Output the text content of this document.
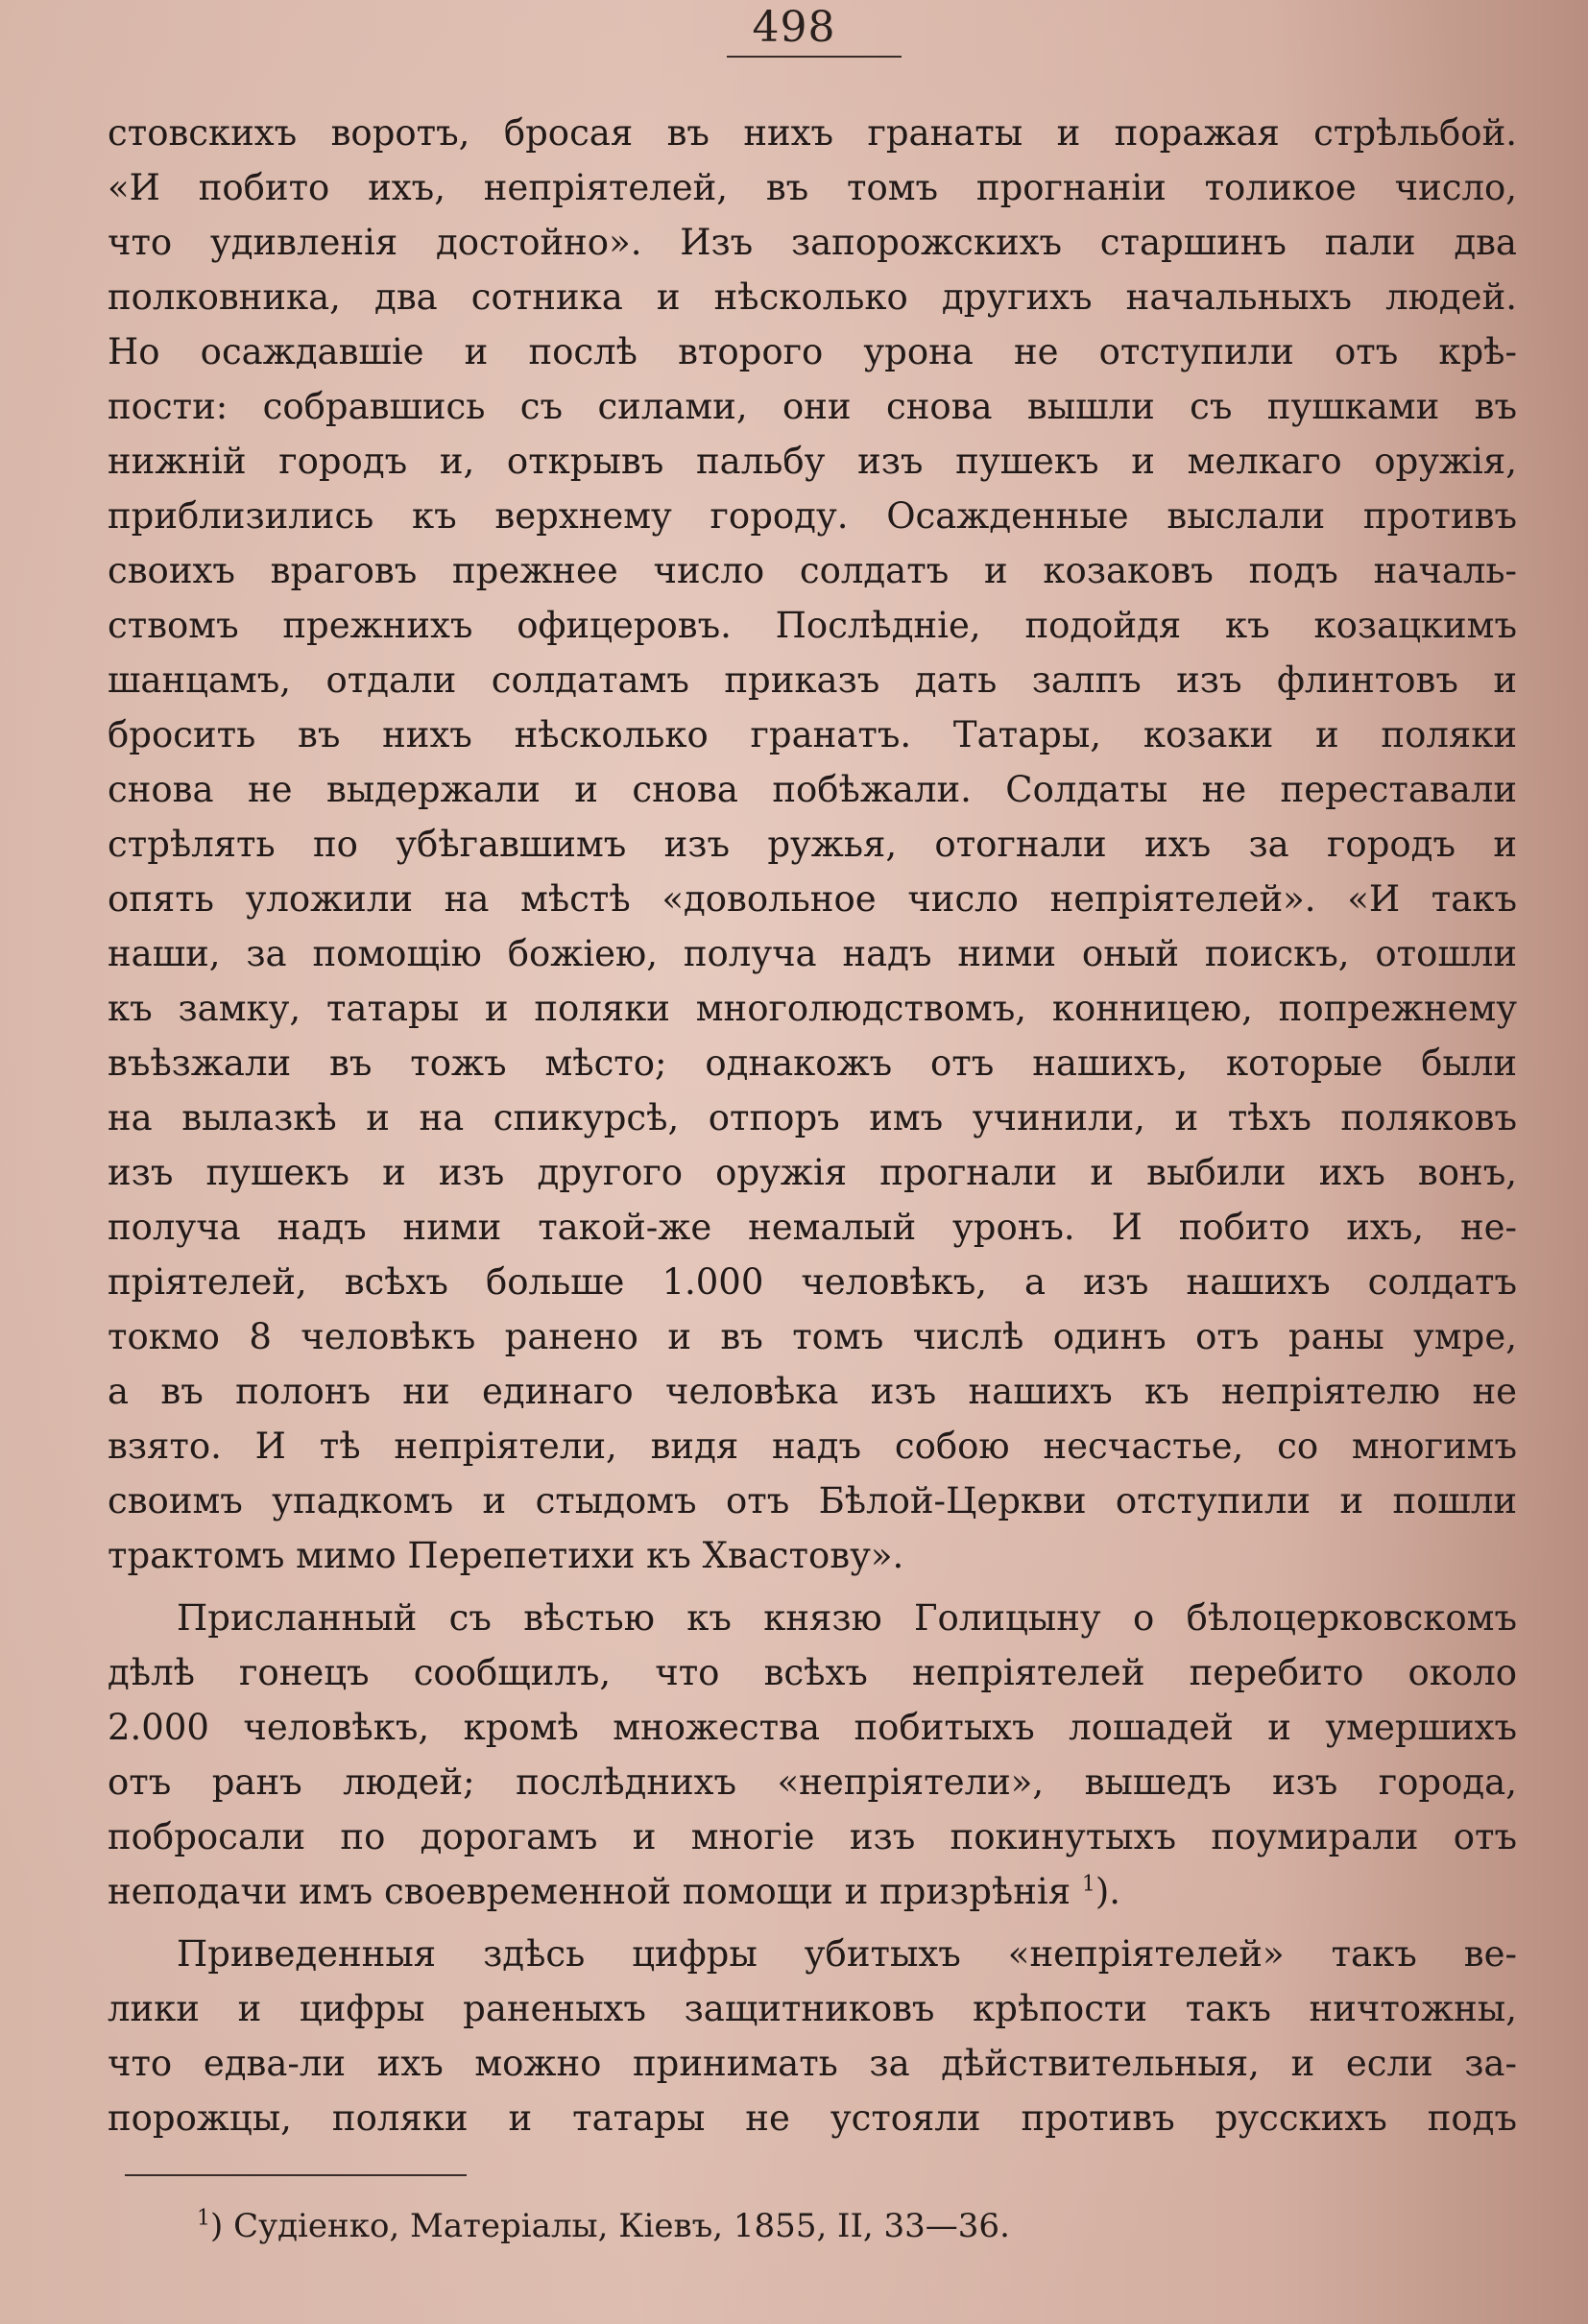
498
стовскихъ воротъ, бросая въ нихъ гранаты и поражая стрѣльбой.
«И побито ихъ, непріятелей, въ томъ прогнаніи толикое число,
что удивленія достойно». Изъ запорожскихъ старшинъ пали два
полковника, два сотника и нѣсколько другихъ начальныхъ людей.
Но осаждавшіе и послѣ второго урона не отступили отъ крѣ-
пости: собравшись съ силами, они снова вышли съ пушками въ
нижній городъ и, открывъ пальбу изъ пушекъ и мелкаго оружія,
приблизились къ верхнему городу. Осажденные выслали противъ
своихъ враговъ прежнее число солдатъ и козаковъ подъ началь-
ствомъ прежнихъ офицеровъ. Послѣдніе, подойдя къ козацкимъ
шанцамъ, отдали солдатамъ приказъ дать залпъ изъ флинтовъ и
бросить въ нихъ нѣсколько гранатъ. Татары, козаки и поляки
снова не выдержали и снова побѣжали. Солдаты не переставали
стрѣлять по убѣгавшимъ изъ ружья, отогнали ихъ за городъ и
опять уложили на мѣстѣ «довольное число непріятелей». «И такъ
наши, за помощію божіею, получа надъ ними оный поискъ, отошли
къ замку, татары и поляки многолюдствомъ, конницею, попрежнему
въѣзжали въ тожъ мѣсто; однакожъ отъ нашихъ, которые были
на вылазкѣ и на спикурсѣ, отпоръ имъ учинили, и тѣхъ поляковъ
изъ пушекъ и изъ другого оружія прогнали и выбили ихъ вонъ,
получа надъ ними такой-же немалый уронъ. И побито ихъ, не-
пріятелей, всѣхъ больше 1.000 человѣкъ, а изъ нашихъ солдатъ
токмо 8 человѣкъ ранено и въ томъ числѣ одинъ отъ раны умре,
а въ полонъ ни единаго человѣка изъ нашихъ къ непріятелю не
взято. И тѣ непріятели, видя надъ собою несчастье, со многимъ
своимъ упадкомъ и стыдомъ отъ Бѣлой-Церкви отступили и пошли
трактомъ мимо Перепетихи къ Хвастову».
Присланный съ вѣстью къ князю Голицыну о бѣлоцерковскомъ
дѣлѣ гонецъ сообщилъ, что всѣхъ непріятелей перебито около
2.000 человѣкъ, кромѣ множества побитыхъ лошадей и умершихъ
отъ ранъ людей; послѣднихъ «непріятели», вышедъ изъ города,
побросали по дорогамъ и многіе изъ покинутыхъ поумирали отъ
неподачи имъ своевременной помощи и призрѣнія $^1$).
Приведенныя здѣсь цифры убитыхъ «непріятелей» такъ ве-
лики и цифры раненыхъ защитниковъ крѣпости такъ ничтожны,
что едва-ли ихъ можно принимать за дѣйствительныя, и если за-
порожцы, поляки и татары не устояли противъ русскихъ подъ
$^1$) Судіенко, Матеріалы, Кіевъ, 1855, II, 33—36.
